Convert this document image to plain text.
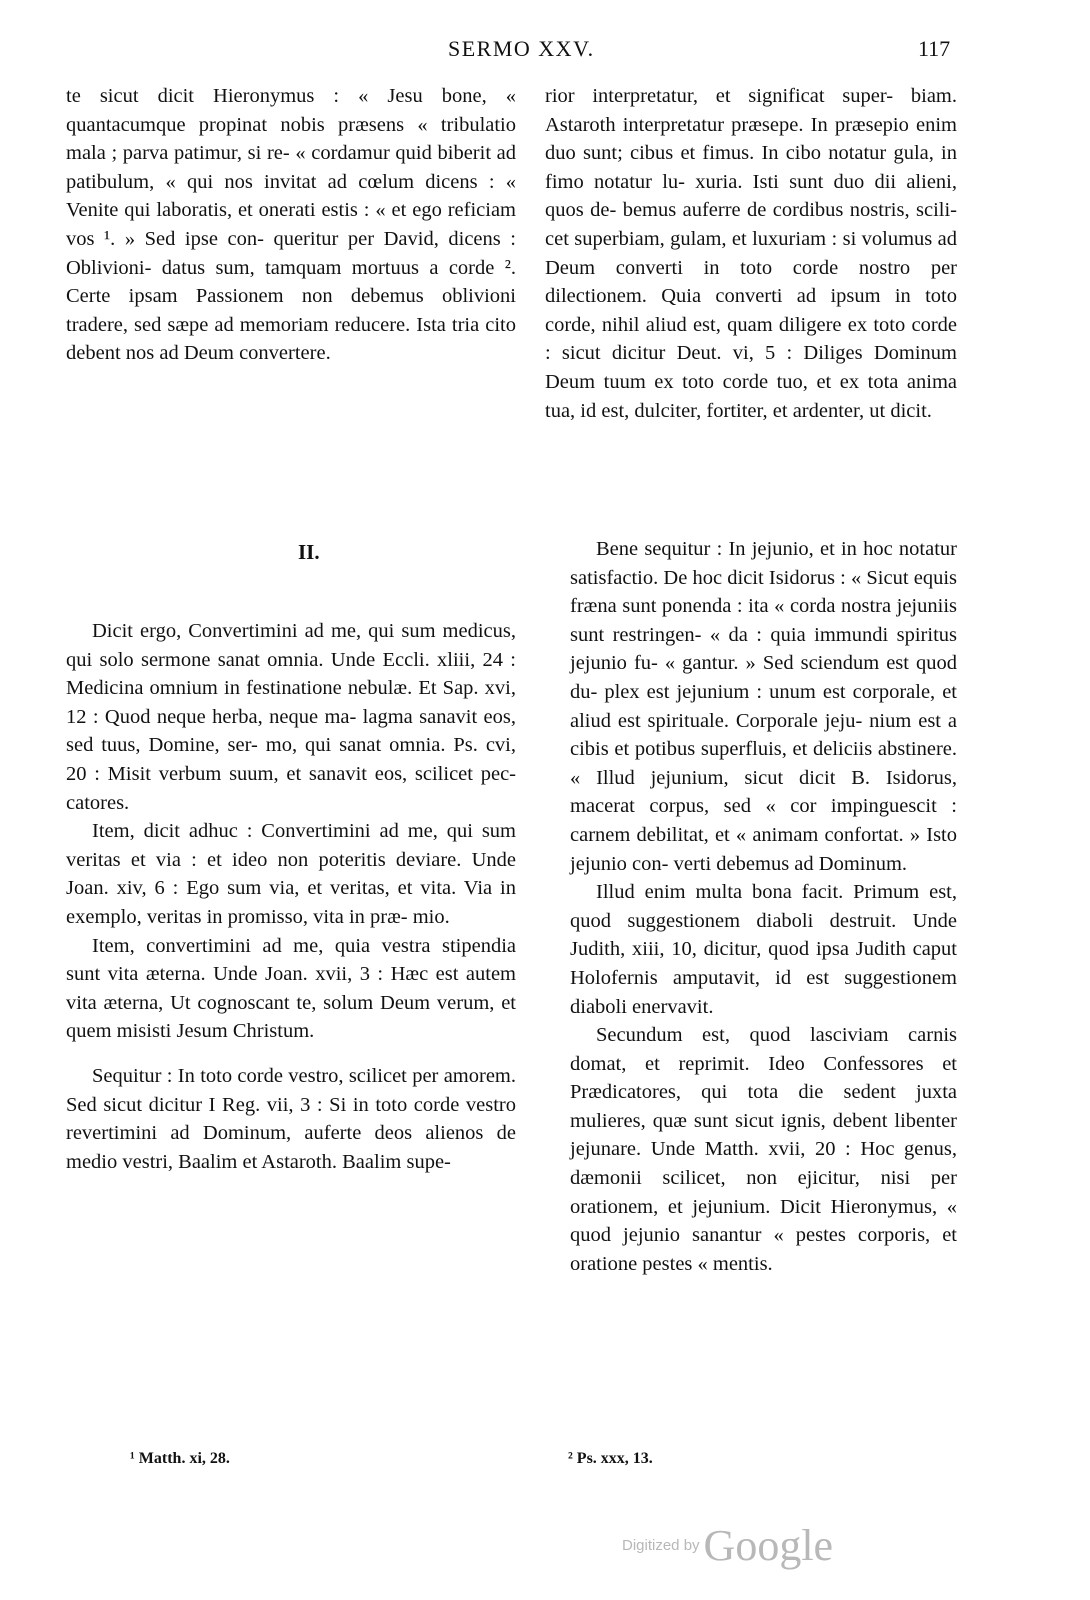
SERMO XXV.	117

te sicut dicit Hieronymus : « Jesu bone, « quantacumque propinat nobis præsens « tribulatio mala ; parva patimur, si re- « cordamur quid biberit ad patibulum, « qui nos invitat ad cœlum dicens : « Venite qui laboratis, et onerati estis : « et ego reficiam vos ¹. » Sed ipse con- queritur per David, dicens : Oblivioni- datus sum, tamquam mortuus a corde ². Certe ipsam Passionem non debemus oblivioni tradere, sed sæpe ad memoriam reducere. Ista tria cito debent nos ad Deum convertere.

rior interpretatur, et significat super- biam. Astaroth interpretatur præsepe. In præsepio enim duo sunt; cibus et fimus. In cibo notatur gula, in fimo notatur lu- xuria. Isti sunt duo dii alieni, quos de- bemus auferre de cordibus nostris, scili- cet superbiam, gulam, et luxuriam : si volumus ad Deum converti in toto corde nostro per dilectionem. Quia converti ad ipsum in toto corde, nihil aliud est, quam diligere ex toto corde : sicut dicitur Deut. vi, 5 : Diliges Dominum Deum tuum ex toto corde tuo, et ex tota anima tua, id est, dulciter, fortiter, et ardenter, ut dicit.

II.

Dicit ergo, Convertimini ad me, qui sum medicus, qui solo sermone sanat omnia. Unde Eccli. xliii, 24 : Medicina omnium in festinatione nebulæ. Et Sap. xvi, 12 : Quod neque herba, neque ma- lagma sanavit eos, sed tuus, Domine, ser- mo, qui sanat omnia. Ps. cvi, 20 : Misit verbum suum, et sanavit eos, scilicet pec- catores.

Item, dicit adhuc : Convertimini ad me, qui sum veritas et via : et ideo non poteritis deviare. Unde Joan. xiv, 6 : Ego sum via, et veritas, et vita. Via in exemplo, veritas in promisso, vita in præ- mio.

Item, convertimini ad me, quia vestra stipendia sunt vita æterna. Unde Joan. xvii, 3 : Hæc est autem vita æterna, Ut cognoscant te, solum Deum verum, et quem misisti Jesum Christum.

Sequitur : In toto corde vestro, scilicet per amorem. Sed sicut dicitur I Reg. vii, 3 : Si in toto corde vestro revertimini ad Dominum, auferte deos alienos de medio vestri, Baalim et Astaroth. Baalim supe-

Bene sequitur : In jejunio, et in hoc notatur satisfactio. De hoc dicit Isidorus : « Sicut equis fræna sunt ponenda : ita « corda nostra jejuniis sunt restringen- « da : quia immundi spiritus jejunio fu- « gantur. » Sed sciendum est quod du- plex est jejunium : unum est corporale, et aliud est spirituale. Corporale jeju- nium est a cibis et potibus superfluis, et deliciis abstinere. « Illud jejunium, sicut dicit B. Isidorus, macerat corpus, sed « cor impinguescit : carnem debilitat, et « animam confortat. » Isto jejunio con- verti debemus ad Dominum.

Illud enim multa bona facit. Primum est, quod suggestionem diaboli destruit. Unde Judith, xiii, 10, dicitur, quod ipsa Judith caput Holofernis amputavit, id est suggestionem diaboli enervavit.

Secundum est, quod lasciviam carnis domat, et reprimit. Ideo Confessores et Prædicatores, qui tota die sedent juxta mulieres, quæ sunt sicut ignis, debent libenter jejunare. Unde Matth. xvii, 20 : Hoc genus, dæmonii scilicet, non ejicitur, nisi per orationem, et jejunium. Dicit Hieronymus, « quod jejunio sanantur « pestes corporis, et oratione pestes « mentis.

¹ Matth. xi, 28.	² Ps. xxx, 13.
Digitized by Google
